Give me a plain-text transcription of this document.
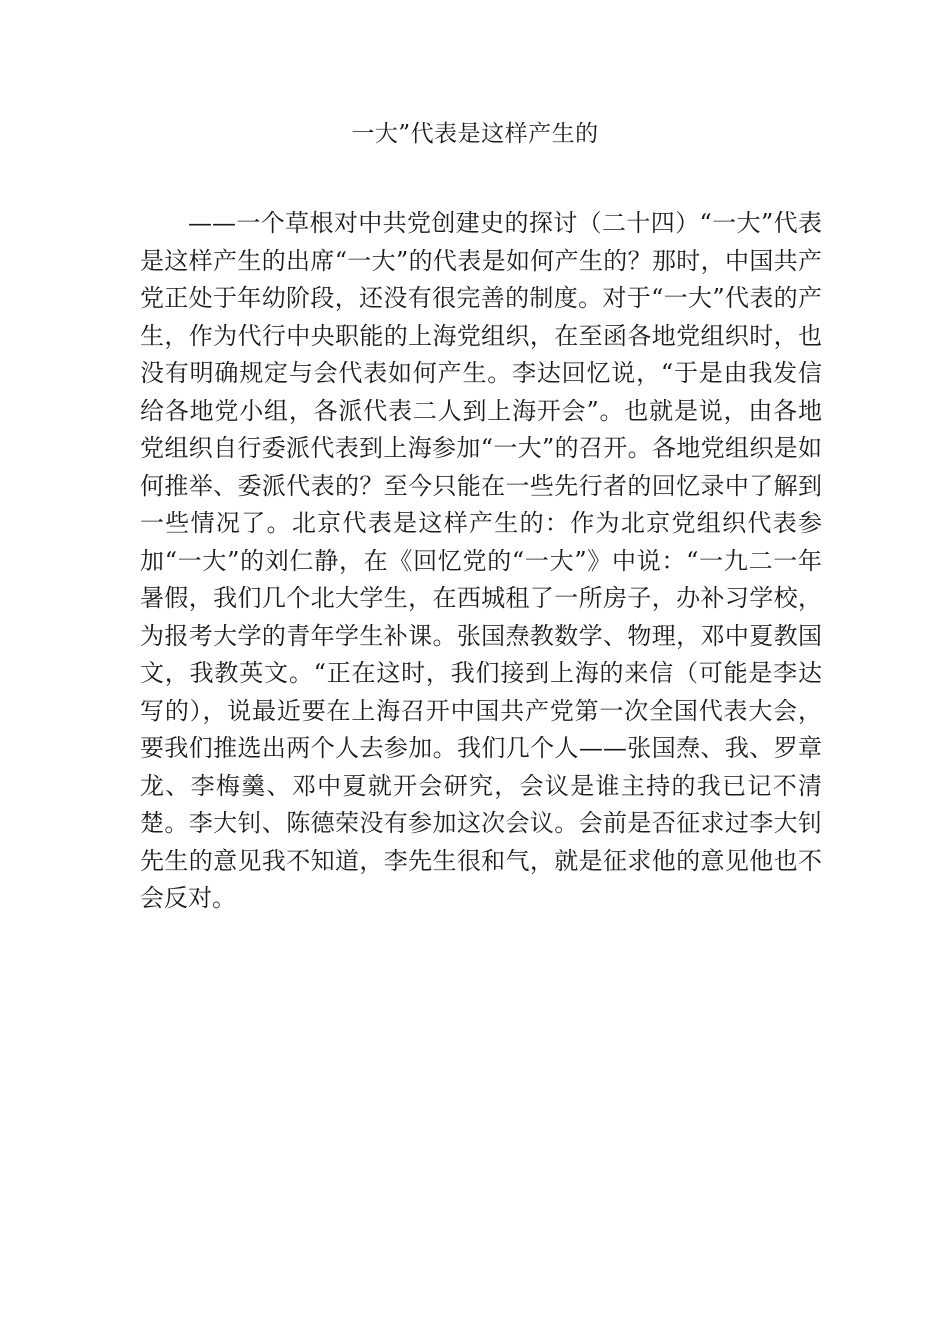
一大”代表是这样产生的

——一个草根对中共党创建史的探讨（二十四）“一大”代表是这样产生的出席“一大”的代表是如何产生的？那时，中国共产党正处于年幼阶段，还没有很完善的制度。对于“一大”代表的产生，作为代行中央职能的上海党组织，在至函各地党组织时，也没有明确规定与会代表如何产生。李达回忆说，“于是由我发信给各地党小组，各派代表二人到上海开会”。也就是说，由各地党组织自行委派代表到上海参加“一大”的召开。各地党组织是如何推举、委派代表的？至今只能在一些先行者的回忆录中了解到一些情况了。北京代表是这样产生的：作为北京党组织代表参加“一大”的刘仁静，在《回忆党的“一大”》中说：“一九二一年暑假，我们几个北大学生，在西城租了一所房子，办补习学校，为报考大学的青年学生补课。张国焘教数学、物理，邓中夏教国文，我教英文。“正在这时，我们接到上海的来信（可能是李达写的），说最近要在上海召开中国共产党第一次全国代表大会，要我们推选出两个人去参加。我们几个人——张国焘、我、罗章龙、李梅羹、邓中夏就开会研究，会议是谁主持的我已记不清楚。李大钊、陈德荣没有参加这次会议。会前是否征求过李大钊先生的意见我不知道，李先生很和气，就是征求他的意见他也不会反对。
